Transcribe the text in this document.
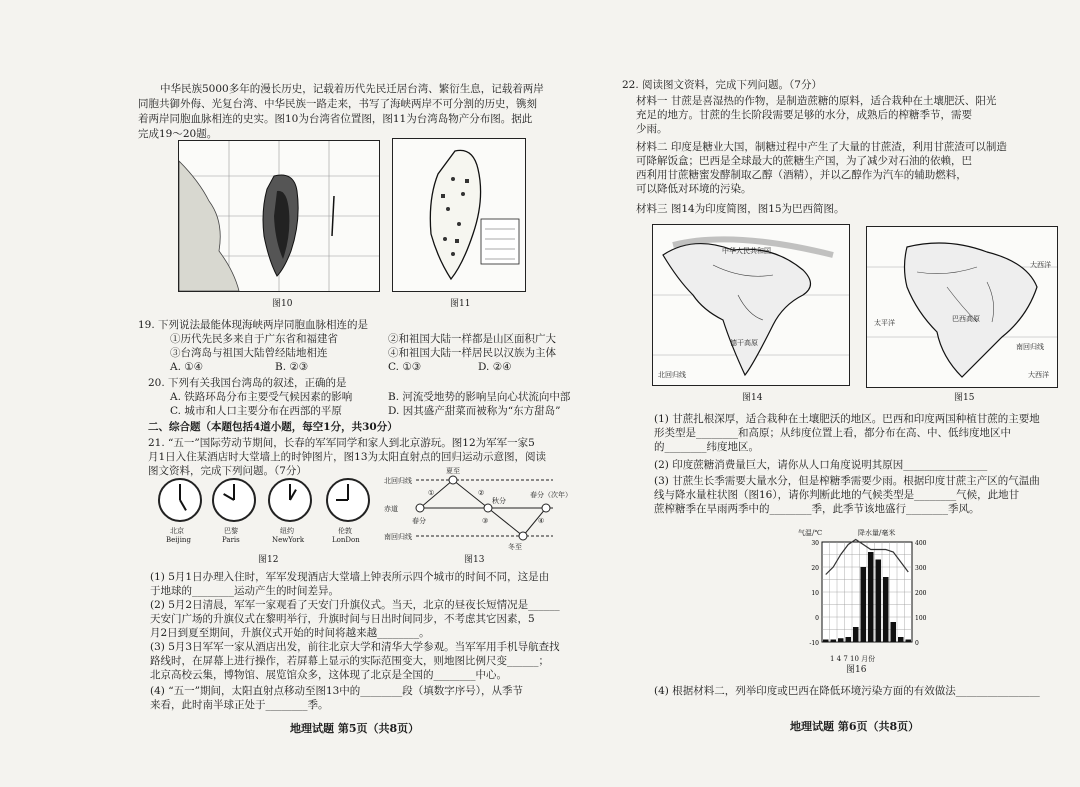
中华民族5000多年的漫长历史，记载着历代先民迁居台湾、繁衍生息，记载着两岸
同胞共御外侮、光复台湾、中华民族一路走来，书写了海峡两岸不可分割的历史，镌刻
着两岸同胞血脉相连的史实。图10为台湾省位置图，图11为台湾岛物产分布图。据此
完成19～20题。
图10	图11
19. 下列说法最能体现海峡两岸同胞血脉相连的是
①历代先民多来自于广东省和福建省	②和祖国大陆一样都是山区面积广大
③台湾岛与祖国大陆曾经陆地相连	④和祖国大陆一样居民以汉族为主体
A. ①④	B. ②③	C. ①③	D. ②④
20. 下列有关我国台湾岛的叙述，正确的是
A. 铁路环岛分布主要受气候因素的影响	B. 河流受地势的影响呈向心状流向中部
C. 城市和人口主要分布在西部的平原	D. 因其盛产甜菜而被称为“东方甜岛”
二、综合题（本题包括4道小题，每空1分，共30分）
21. “五一”国际劳动节期间，长春的军军同学和家人到北京游玩。图12为军军一家5
月1日入住某酒店时大堂墙上的时钟图片，图13为太阳直射点的回归运动示意图，阅读
图文资料，完成下列问题。（7分）
北京
Beijing
巴黎
Paris
纽约
NewYork
伦敦
LonDon
图12
北回归线
赤道
南回归线
夏至
春分
秋分
冬至
春分（次年）
①	②
③	④
图13
(1) 5月1日办理入住时，军军发现酒店大堂墙上钟表所示四个城市的时间不同，这是由
于地球的________运动产生的时间差异。
(2) 5月2日清晨，军军一家观看了天安门升旗仪式。当天，北京的昼夜长短情况是______
天安门广场的升旗仪式在黎明举行，升旗时间与日出时间同步，不考虑其它因素，5
月2日到夏至期间，升旗仪式开始的时间将越来越________。
(3) 5月3日军军一家从酒店出发，前往北京大学和清华大学参观。当军军用手机导航查找
路线时，在屏幕上进行操作，若屏幕上显示的实际范围变大，则地图比例尺变______；
北京高校云集，博物馆、展览馆众多，这体现了北京是全国的________中心。
(4) “五一”期间，太阳直射点移动至图13中的________段（填数字序号），从季节
来看，此时南半球正处于________季。
地理试题 第5页（共8页）
22. 阅读图文资料，完成下列问题。（7分）
材料一 甘蔗是喜湿热的作物，是制造蔗糖的原料，适合栽种在土壤肥沃、阳光
充足的地方。甘蔗的生长阶段需要足够的水分，成熟后的榨糖季节，需要
少雨。
材料二 印度是糖业大国，制糖过程中产生了大量的甘蔗渣，利用甘蔗渣可以制造
可降解饭盒；巴西是全球最大的蔗糖生产国，为了减少对石油的依赖，巴
西利用甘蔗糖蜜发酵制取乙醇（酒精），并以乙醇作为汽车的辅助燃料，
可以降低对环境的污染。
材料三 图14为印度简图，图15为巴西简图。
中华人民共和国
德干高原
北回归线
图14
太平洋
大西洋
大西洋
巴西高原
南回归线
图15
(1) 甘蔗扎根深厚，适合栽种在土壤肥沃的地区。巴西和印度两国种植甘蔗的主要地
形类型是________和高原；从纬度位置上看，都分布在高、中、低纬度地区中
的________纬度地区。
(2) 印度蔗糖消费量巨大，请你从人口角度说明其原因________________
(3) 甘蔗生长季需要大量水分，但是榨糖季需要少雨。根据印度甘蔗主产区的气温曲
线与降水量柱状图（图16），请你判断此地的气候类型是________气候，此地甘
蔗榨糖季在旱雨两季中的________季，此季节该地盛行________季风。
气温/℃	降水量/毫米
30
20
10
0
-10
400
300
200
100
0
1 4 7 10 月份
图16
(4) 根据材料二，列举印度或巴西在降低环境污染方面的有效做法________________
地理试题 第6页（共8页）
